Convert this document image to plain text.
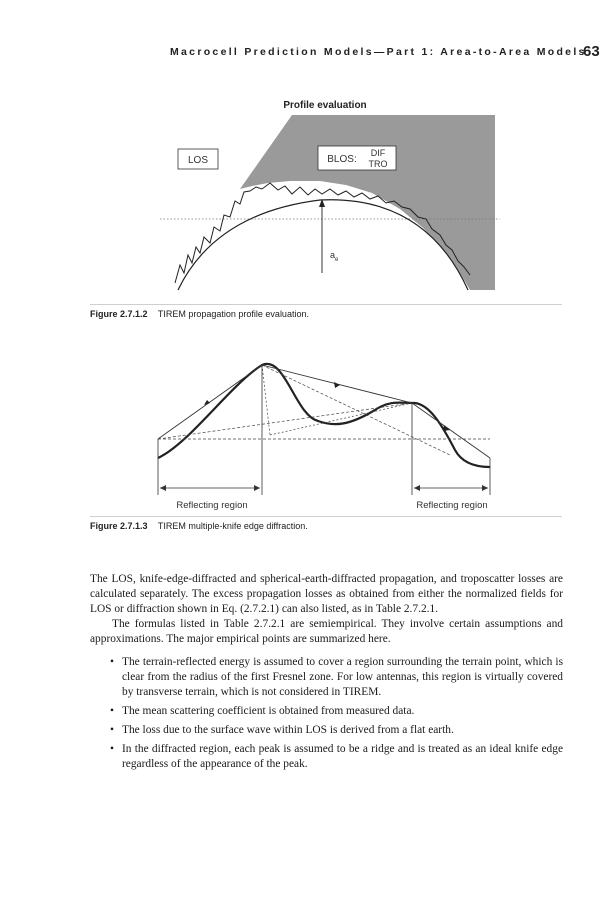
Macrocell Prediction Models—Part 1: Area-to-Area Models
63
LOS	BLOS:
DIF
TRO
Profile evaluation
$a_e$
Figure 2.7.1.2 TIREM propagation profile evaluation.
Reflecting region	Reflecting region
Figure 2.7.1.3 TIREM multiple-knife edge diffraction.

The LOS, knife-edge-diffracted and spherical-earth-diffracted propagation, and troposcatter losses are calculated separately. The excess propagation losses as obtained from either the normalized fields for LOS or diffraction shown in Eq. (2.7.2.1) can also listed, as in Table 2.7.2.1.

The formulas listed in Table 2.7.2.1 are semiempirical. They involve certain assumptions and approximations. The major empirical points are summarized here.

• The terrain-reflected energy is assumed to cover a region surrounding the terrain point, which is clear from the radius of the first Fresnel zone. For low antennas, this region is virtually covered by transverse terrain, which is not considered in TIREM.
• The mean scattering coefficient is obtained from measured data.
• The loss due to the surface wave within LOS is derived from a flat earth.
• In the diffracted region, each peak is assumed to be a ridge and is treated as an ideal knife edge regardless of the appearance of the peak.
